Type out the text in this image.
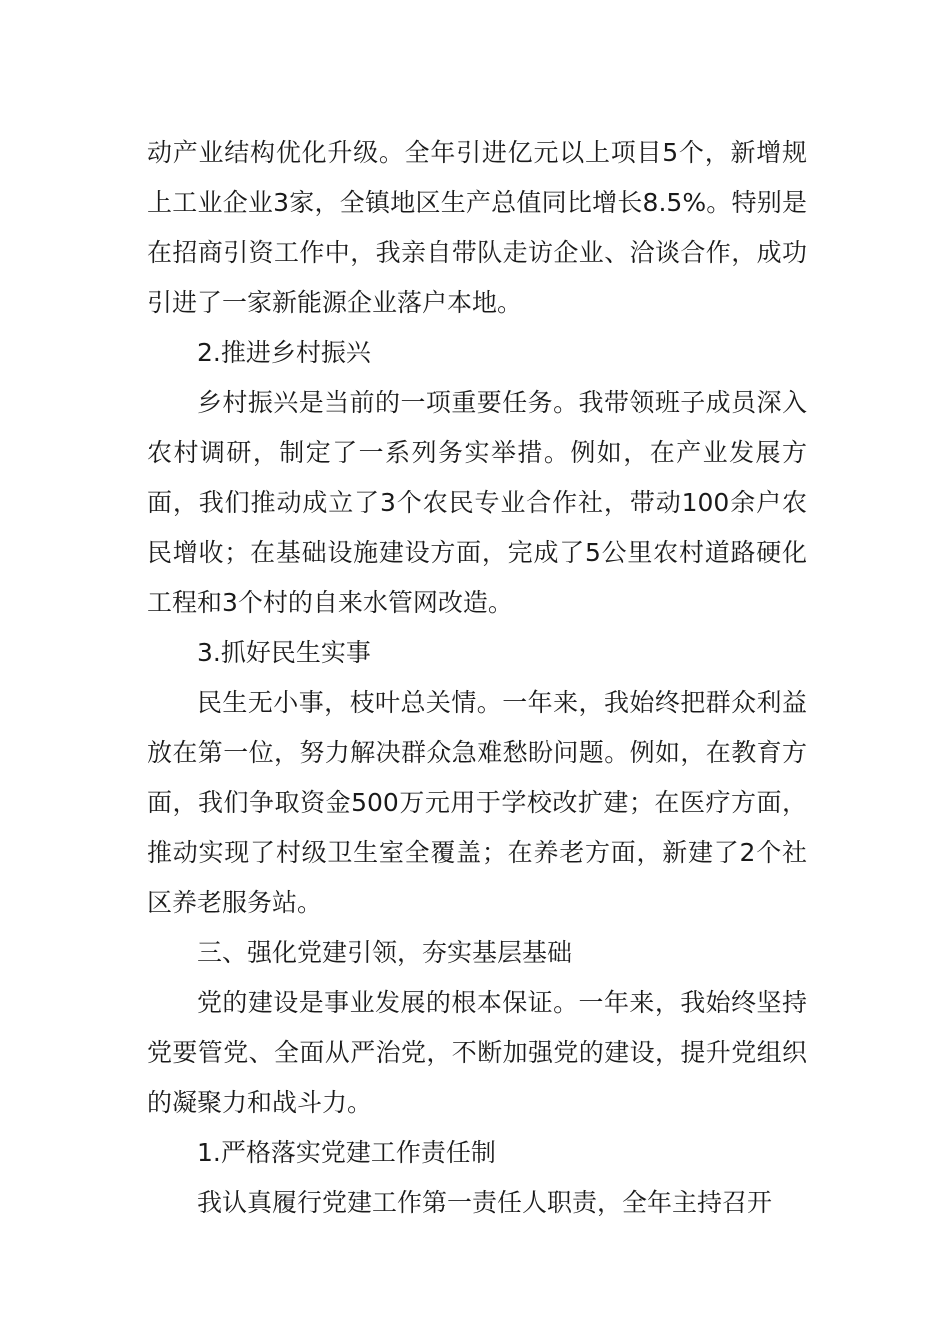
动产业结构优化升级。全年引进亿元以上项目5个，新增规上工业企业3家，全镇地区生产总值同比增长8.5%。特别是在招商引资工作中，我亲自带队走访企业、洽谈合作，成功引进了一家新能源企业落户本地。

2.推进乡村振兴

乡村振兴是当前的一项重要任务。我带领班子成员深入农村调研，制定了一系列务实举措。例如，在产业发展方面，我们推动成立了3个农民专业合作社，带动100余户农民增收；在基础设施建设方面，完成了5公里农村道路硬化工程和3个村的自来水管网改造。

3.抓好民生实事

民生无小事，枝叶总关情。一年来，我始终把群众利益放在第一位，努力解决群众急难愁盼问题。例如，在教育方面，我们争取资金500万元用于学校改扩建；在医疗方面，推动实现了村级卫生室全覆盖；在养老方面，新建了2个社区养老服务站。

三、强化党建引领，夯实基层基础

党的建设是事业发展的根本保证。一年来，我始终坚持党要管党、全面从严治党，不断加强党的建设，提升党组织的凝聚力和战斗力。

1.严格落实党建工作责任制

我认真履行党建工作第一责任人职责，全年主持召开
